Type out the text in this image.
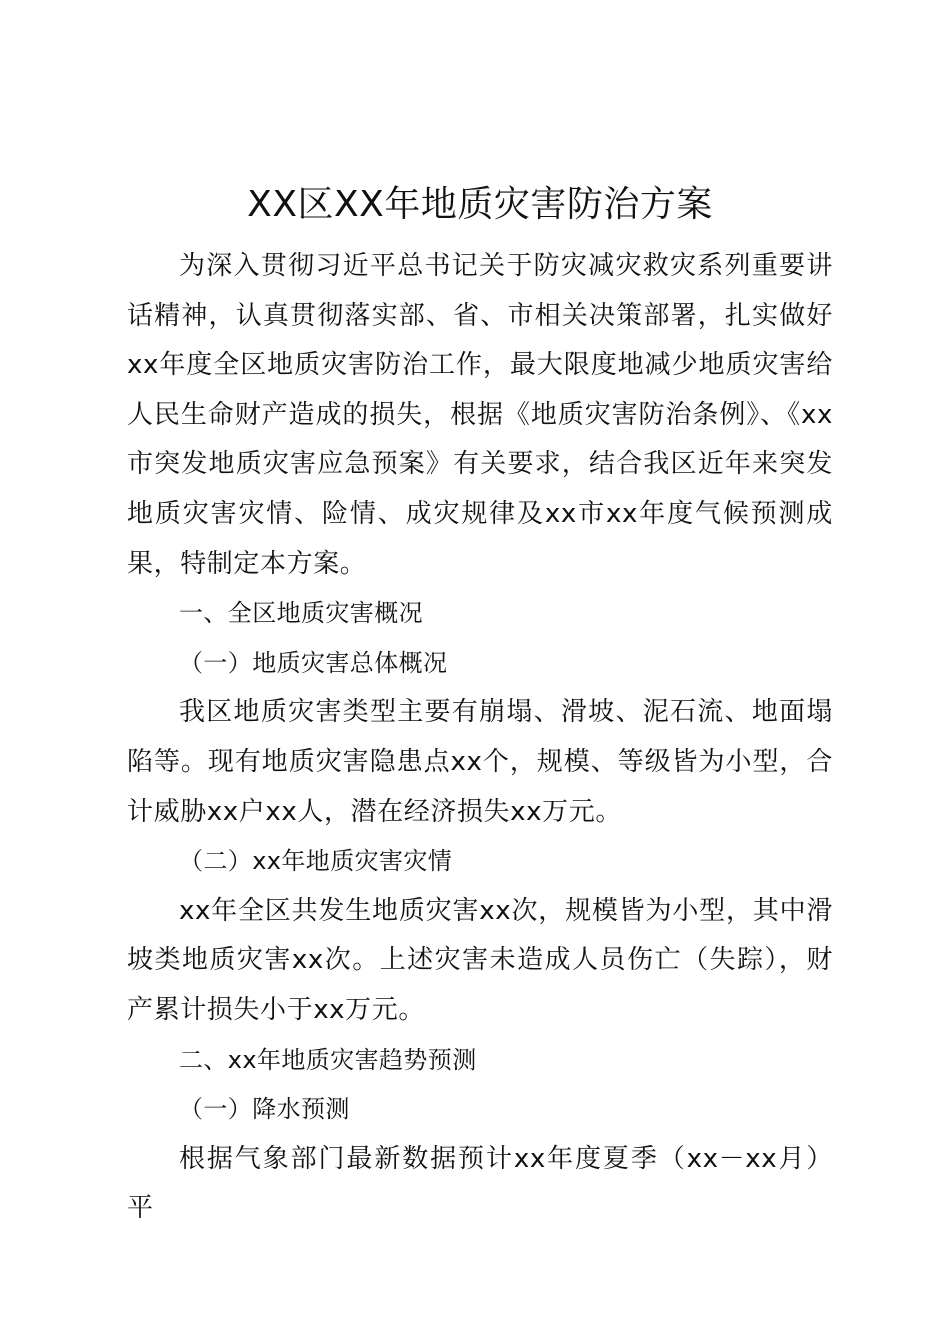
XX区XX年地质灾害防治方案

为深入贯彻习近平总书记关于防灾减灾救灾系列重要讲话精神，认真贯彻落实部、省、市相关决策部署，扎实做好xx年度全区地质灾害防治工作，最大限度地减少地质灾害给人民生命财产造成的损失，根据《地质灾害防治条例》、《xx市突发地质灾害应急预案》有关要求，结合我区近年来突发地质灾害灾情、险情、成灾规律及xx市xx年度气候预测成果，特制定本方案。

一、全区地质灾害概况

（一）地质灾害总体概况

我区地质灾害类型主要有崩塌、滑坡、泥石流、地面塌陷等。现有地质灾害隐患点xx个，规模、等级皆为小型，合计威胁xx户xx人，潜在经济损失xx万元。

（二）xx年地质灾害灾情

xx年全区共发生地质灾害xx次，规模皆为小型，其中滑坡类地质灾害xx次。上述灾害未造成人员伤亡（失踪），财产累计损失小于xx万元。

二、xx年地质灾害趋势预测

（一）降水预测

根据气象部门最新数据预计xx年度夏季（xx－xx月）平
